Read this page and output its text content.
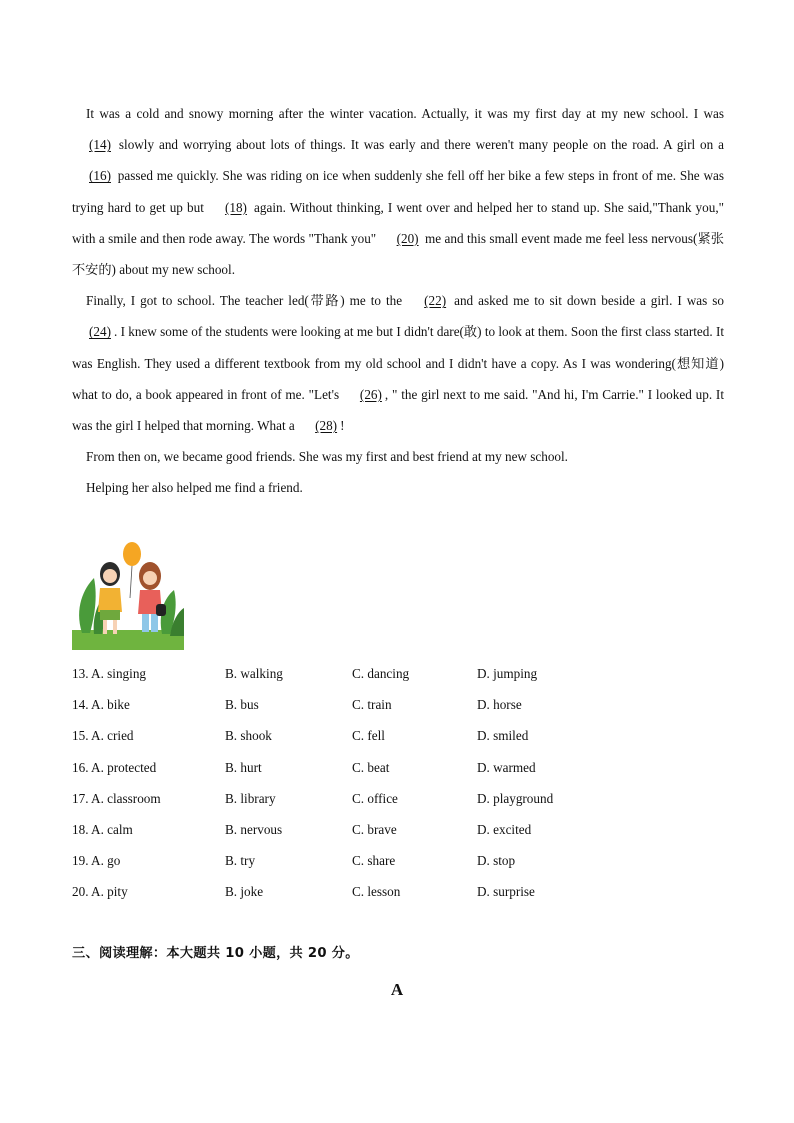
It was a cold and snowy morning after the winter vacation. Actually, it was my first day at my new school. I was (14) slowly and worrying about lots of things. It was early and there weren't many people on the road. A girl on a (16) passed me quickly. She was riding on ice when suddenly she fell off her bike a few steps in front of me. She was trying hard to get up but (18) again. Without thinking, I went over and helped her to stand up. She said,"Thank you," with a smile and then rode away. The words "Thank you" (20) me and this small event made me feel less nervous(紧张不安的) about my new school.

Finally, I got to school. The teacher led(带路) me to the (22) and asked me to sit down beside a girl. I was so (24) . I knew some of the students were looking at me but I didn't dare(敢) to look at them. Soon the first class started. It was English. They used a different textbook from my old school and I didn't have a copy. As I was wondering(想知道) what to do, a book appeared in front of me. "Let's (26) , " the girl next to me said. "And hi, I'm Carrie." I looked up. It was the girl I helped that morning. What a (28) !

From then on, we became good friends. She was my first and best friend at my new school.

Helping her also helped me find a friend.

13. A. singing	B. walking	C. dancing	D. jumping
14. A. bike	B. bus	C. train	D. horse
15. A. cried	B. shook	C. fell	D. smiled
16. A. protected	B. hurt	C. beat	D. warmed
17. A. classroom	B. library	C. office	D. playground
18. A. calm	B. nervous	C. brave	D. excited
19. A. go	B. try	C. share	D. stop
20. A. pity	B. joke	C. lesson	D. surprise
三、阅读理解：本大题共 10 小题，共 20 分。
A
